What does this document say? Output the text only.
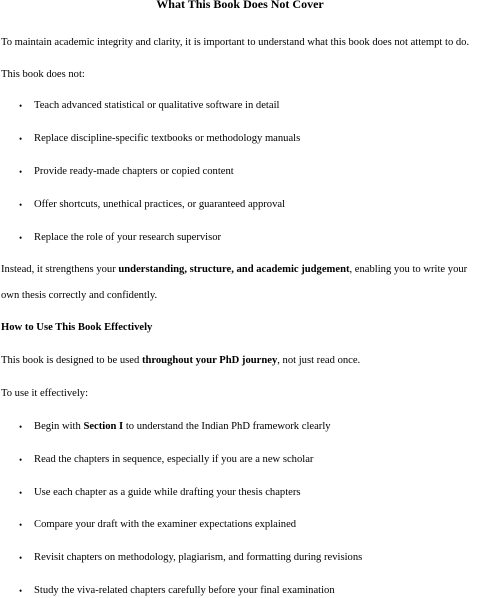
What This Book Does Not Cover

To maintain academic integrity and clarity, it is important to understand what this book does not attempt to do.

This book does not:

• Teach advanced statistical or qualitative software in detail
• Replace discipline-specific textbooks or methodology manuals
• Provide ready-made chapters or copied content
• Offer shortcuts, unethical practices, or guaranteed approval
• Replace the role of your research supervisor

Instead, it strengthens your understanding, structure, and academic judgement, enabling you to write your

own thesis correctly and confidently.

How to Use This Book Effectively

This book is designed to be used throughout your PhD journey, not just read once.

To use it effectively:

• Begin with Section I to understand the Indian PhD framework clearly
• Read the chapters in sequence, especially if you are a new scholar
• Use each chapter as a guide while drafting your thesis chapters
• Compare your draft with the examiner expectations explained
• Revisit chapters on methodology, plagiarism, and formatting during revisions
• Study the viva-related chapters carefully before your final examination
